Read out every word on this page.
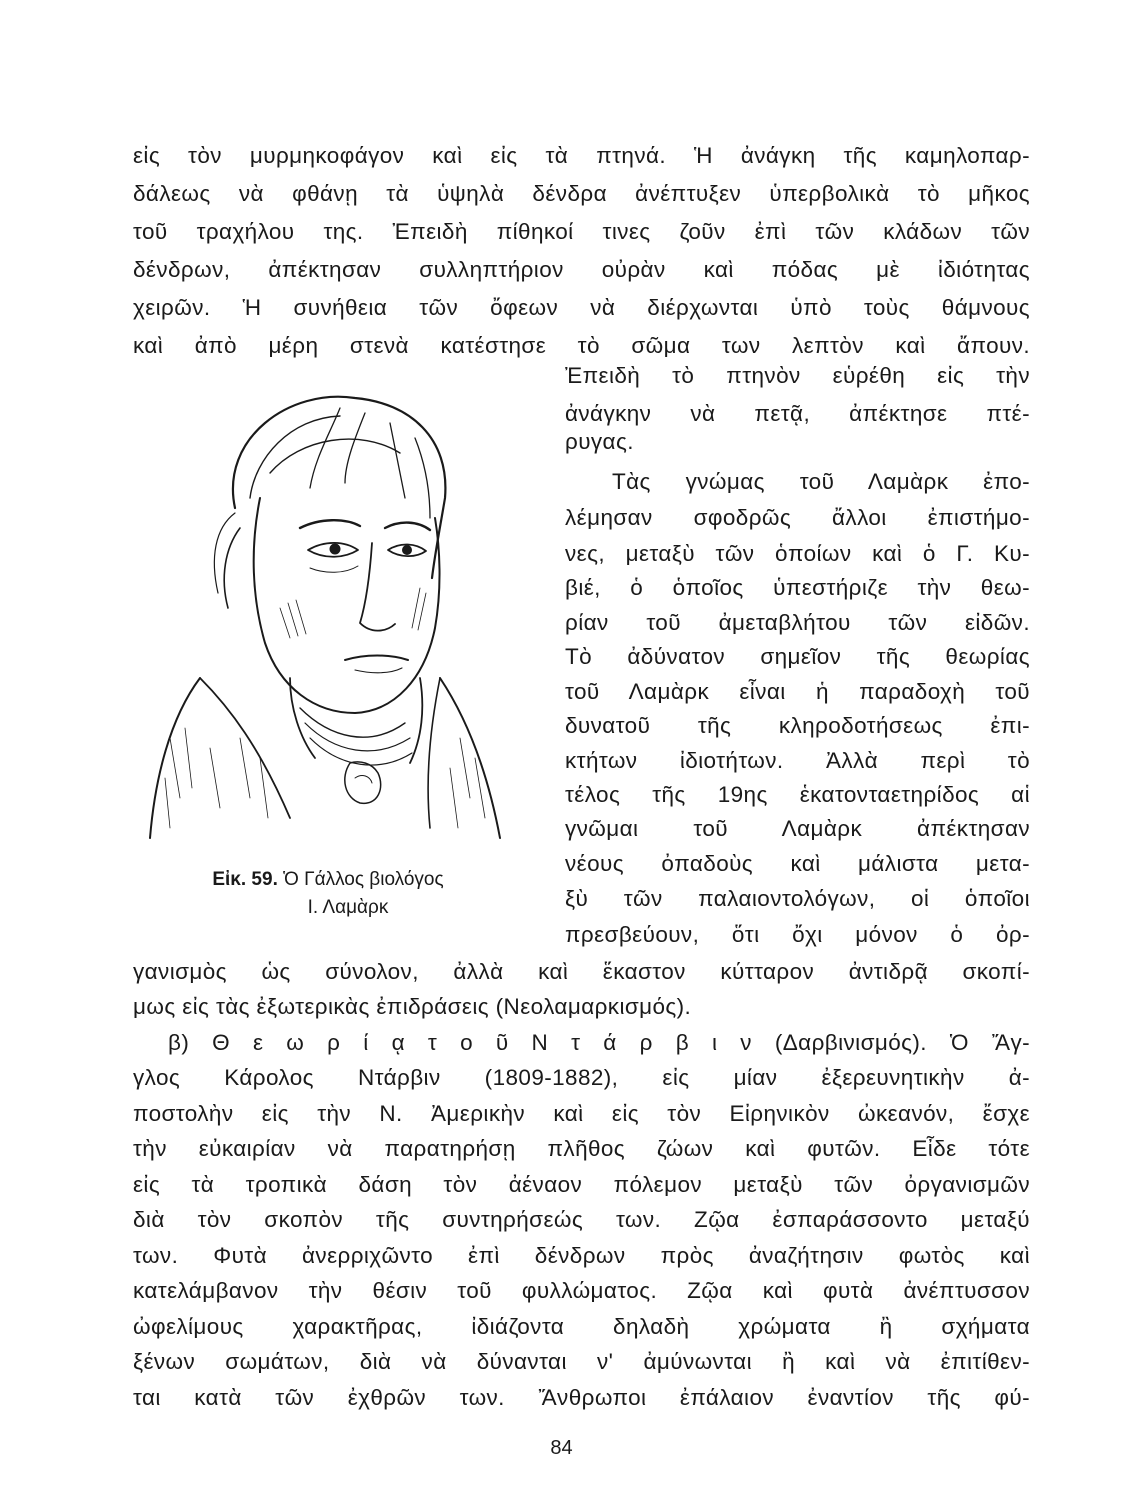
εἰς τὸν μυρμηκοφάγον καὶ εἰς τὰ πτηνά. Ἡ ἀνάγκη τῆς καμηλοπαρ-
δάλεως νὰ φθάνῃ τὰ ὑψηλὰ δένδρα ἀνέπτυξεν ὑπερβολικὰ τὸ μῆκος
τοῦ τραχήλου της. Ἐπειδὴ πίθηκοί τινες ζοῦν ἐπὶ τῶν κλάδων τῶν
δένδρων, ἀπέκτησαν συλληπτήριον οὐρὰν καὶ πόδας μὲ ἰδιότητας
χειρῶν. Ἡ συνήθεια τῶν ὄφεων νὰ διέρχωνται ὑπὸ τοὺς θάμνους
καὶ ἀπὸ μέρη στενὰ κατέστησε τὸ σῶμα των λεπτὸν καὶ ἄπουν.
Εἰκ. 59. Ὁ Γάλλος βιολόγος
Ι. Λαμὰρκ
Ἐπειδὴ τὸ πτηνὸν εὑρέθη εἰς τὴν
ἀνάγκην νὰ πετᾷ, ἀπέκτησε πτέ-
ρυγας.
Τὰς γνώμας τοῦ Λαμὰρκ ἐπο-
λέμησαν σφοδρῶς ἄλλοι ἐπιστήμο-
νες, μεταξὺ τῶν ὁποίων καὶ ὁ Γ. Κυ-
βιέ, ὁ ὁποῖος ὑπεστήριζε τὴν θεω-
ρίαν τοῦ ἀμεταβλήτου τῶν εἰδῶν.
Τὸ ἀδύνατον σημεῖον τῆς θεωρίας
τοῦ Λαμὰρκ εἶναι ἡ παραδοχὴ τοῦ
δυνατοῦ τῆς κληροδοτήσεως ἐπι-
κτήτων ἰδιοτήτων. Ἀλλὰ περὶ τὸ
τέλος τῆς 19ης ἑκατονταετηρίδος αἱ
γνῶμαι τοῦ Λαμὰρκ ἀπέκτησαν
νέους ὀπαδοὺς καὶ μάλιστα μετα-
ξὺ τῶν παλαιοντολόγων, οἱ ὁποῖοι
πρεσβεύουν, ὅτι ὄχι μόνον ὁ ὀρ-
γανισμὸς ὡς σύνολον, ἀλλὰ καὶ ἕκαστον κύτταρον ἀντιδρᾷ σκοπί-
μως εἰς τὰς ἐξωτερικὰς ἐπιδράσεις (Νεολαμαρκισμός).
β) Θ ε ω ρ ί ᾳ τ ο ῦ Ν τ ά ρ β ι ν (Δαρβινισμός). Ὁ Ἄγ-
γλος Κάρολος Ντάρβιν (1809-1882), εἰς μίαν ἐξερευνητικὴν ἀ-
ποστολὴν εἰς τὴν Ν. Ἀμερικὴν καὶ εἰς τὸν Εἰρηνικὸν ὠκεανόν, ἔσχε
τὴν εὐκαιρίαν νὰ παρατηρήσῃ πλῆθος ζώων καὶ φυτῶν. Εἶδε τότε
εἰς τὰ τροπικὰ δάση τὸν ἀέναον πόλεμον μεταξὺ τῶν ὀργανισμῶν
διὰ τὸν σκοπὸν τῆς συντηρήσεώς των. Ζῷα ἐσπαράσσοντο μεταξύ
των. Φυτὰ ἀνερριχῶντο ἐπὶ δένδρων πρὸς ἀναζήτησιν φωτὸς καὶ
κατελάμβανον τὴν θέσιν τοῦ φυλλώματος. Ζῷα καὶ φυτὰ ἀνέπτυσσον
ὠφελίμους χαρακτῆρας, ἰδιάζοντα δηλαδὴ χρώματα ἢ σχήματα
ξένων σωμάτων, διὰ νὰ δύνανται ν' ἀμύνωνται ἢ καὶ νὰ ἐπιτίθεν-
ται κατὰ τῶν ἐχθρῶν των. Ἄνθρωποι ἐπάλαιον ἐναντίον τῆς φύ-
84
